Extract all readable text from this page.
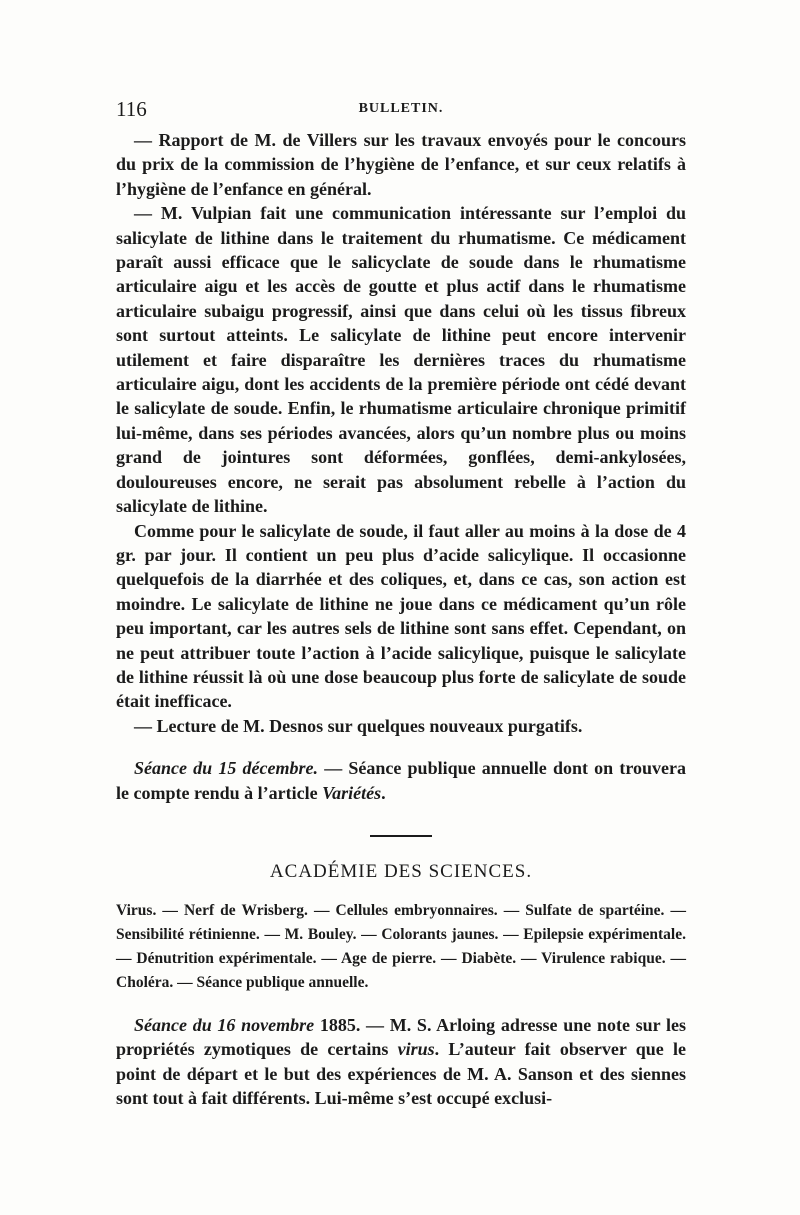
116	BULLETIN.

— Rapport de M. de Villers sur les travaux envoyés pour le concours du prix de la commission de l’hygiène de l’enfance, et sur ceux relatifs à l’hygiène de l’enfance en général.

— M. Vulpian fait une communication intéressante sur l’emploi du salicylate de lithine dans le traitement du rhumatisme. Ce médicament paraît aussi efficace que le salicyclate de soude dans le rhumatisme articulaire aigu et les accès de goutte et plus actif dans le rhumatisme articulaire subaigu progressif, ainsi que dans celui où les tissus fibreux sont surtout atteints. Le salicylate de lithine peut encore intervenir utilement et faire disparaître les dernières traces du rhumatisme articulaire aigu, dont les accidents de la première période ont cédé devant le salicylate de soude. Enfin, le rhumatisme articulaire chronique primitif lui-même, dans ses périodes avancées, alors qu’un nombre plus ou moins grand de jointures sont déformées, gonflées, demi-ankylosées, douloureuses encore, ne serait pas absolument rebelle à l’action du salicylate de lithine.

Comme pour le salicylate de soude, il faut aller au moins à la dose de 4 gr. par jour. Il contient un peu plus d’acide salicylique. Il occasionne quelquefois de la diarrhée et des coliques, et, dans ce cas, son action est moindre. Le salicylate de lithine ne joue dans ce médicament qu’un rôle peu important, car les autres sels de lithine sont sans effet. Cependant, on ne peut attribuer toute l’action à l’acide salicylique, puisque le salicylate de lithine réussit là où une dose beaucoup plus forte de salicylate de soude était inefficace.

— Lecture de M. Desnos sur quelques nouveaux purgatifs.

Séance du 15 décembre. — Séance publique annuelle dont on trouvera le compte rendu à l’article Variétés.

ACADÉMIE DES SCIENCES.

Virus. — Nerf de Wrisberg. — Cellules embryonnaires. — Sulfate de spartéine. — Sensibilité rétinienne. — M. Bouley. — Colorants jaunes. — Epilepsie expérimentale. — Dénutrition expérimentale. — Age de pierre. — Diabète. — Virulence rabique. — Choléra. — Séance publique annuelle.

Séance du 16 novembre 1885. — M. S. Arloing adresse une note sur les propriétés zymotiques de certains virus. L’auteur fait observer que le point de départ et le but des expériences de M. A. Sanson et des siennes sont tout à fait différents. Lui-même s’est occupé exclusi-
